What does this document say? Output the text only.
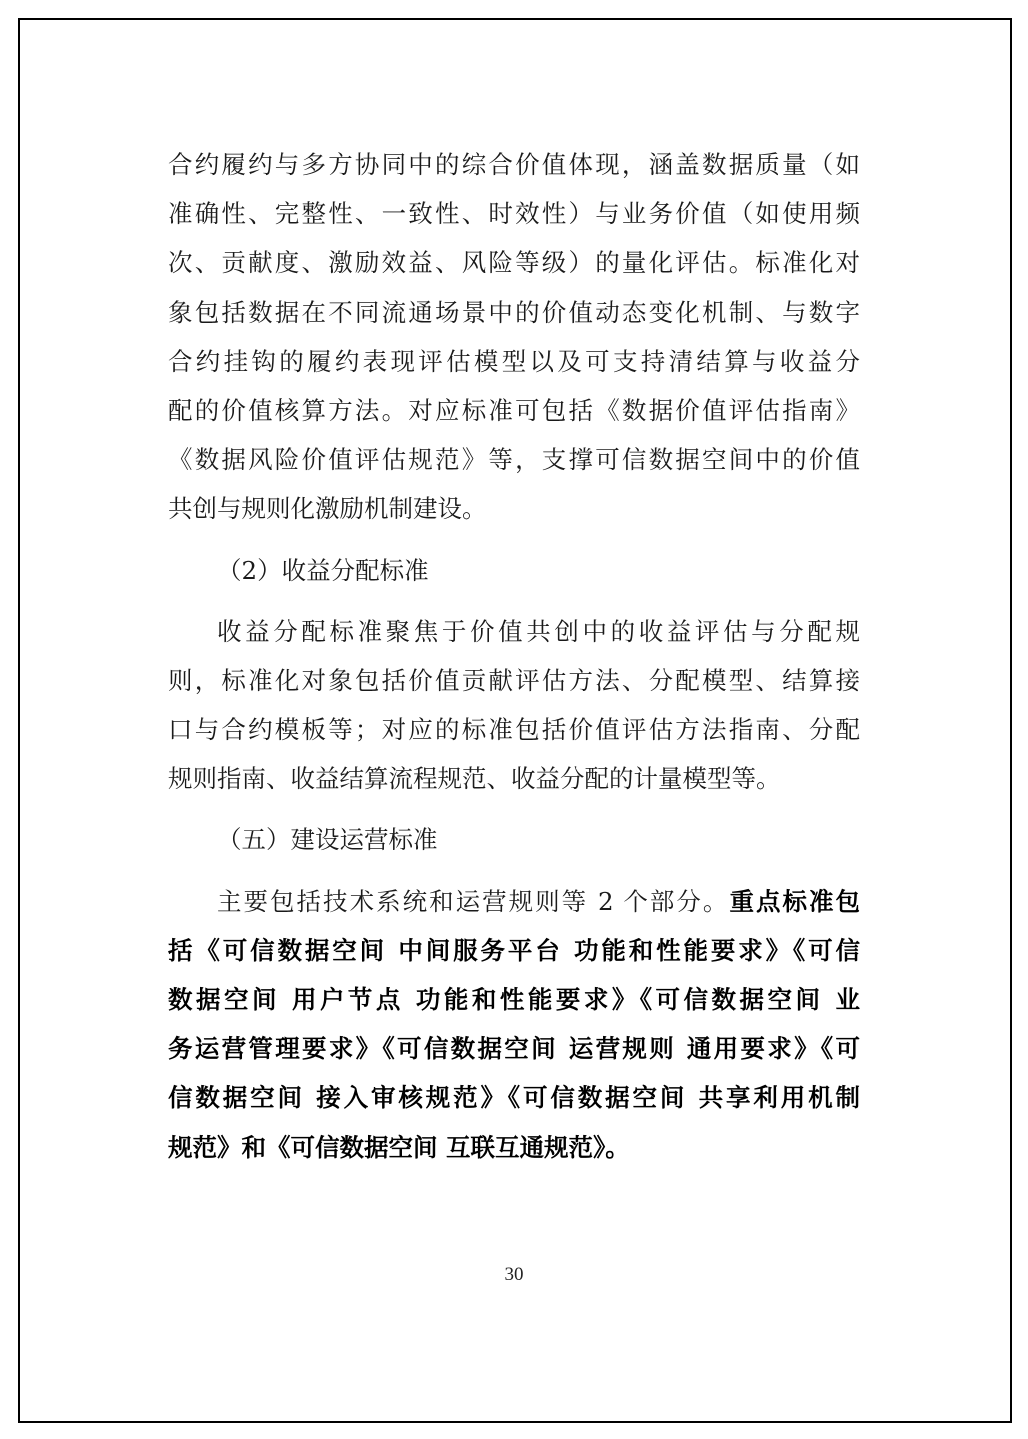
合约履约与多方协同中的综合价值体现，涵盖数据质量（如
准确性、完整性、一致性、时效性）与业务价值（如使用频
次、贡献度、激励效益、风险等级）的量化评估。标准化对
象包括数据在不同流通场景中的价值动态变化机制、与数字
合约挂钩的履约表现评估模型以及可支持清结算与收益分
配的价值核算方法。对应标准可包括《数据价值评估指南》
《数据风险价值评估规范》等，支撑可信数据空间中的价值
共创与规则化激励机制建设。
（2）收益分配标准
收益分配标准聚焦于价值共创中的收益评估与分配规
则，标准化对象包括价值贡献评估方法、分配模型、结算接
口与合约模板等；对应的标准包括价值评估方法指南、分配
规则指南、收益结算流程规范、收益分配的计量模型等。
（五）建设运营标准
主要包括技术系统和运营规则等 2 个部分。重点标准包
括《可信数据空间 中间服务平台 功能和性能要求》《可信
数据空间 用户节点 功能和性能要求》《可信数据空间 业
务运营管理要求》《可信数据空间 运营规则 通用要求》《可
信数据空间 接入审核规范》《可信数据空间 共享利用机制
规范》和《可信数据空间 互联互通规范》。
30
